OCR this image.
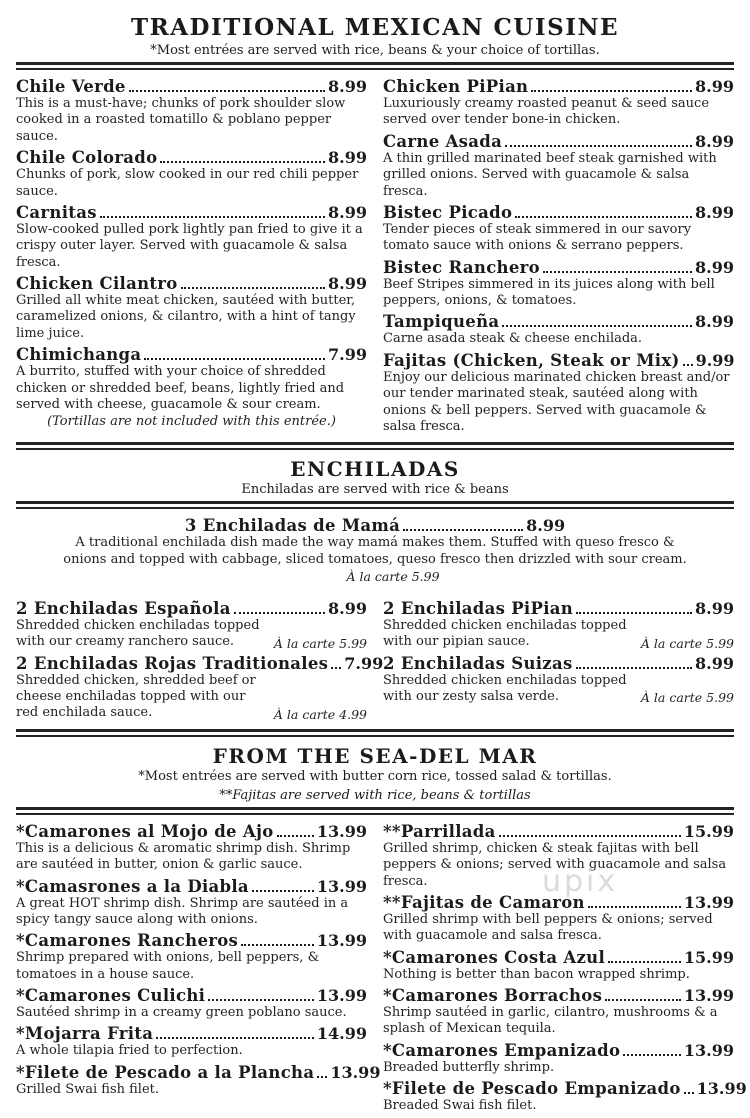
TRADITIONAL MEXICAN CUISINE
*Most entrées are served with rice, beans & your choice of tortillas.
Chile Verde	8.99
This is a must-have; chunks of pork shoulder slow cooked in a roasted tomatillo & poblano pepper sauce.
Chile Colorado	8.99
Chunks of pork, slow cooked in our red chili pepper sauce.
Carnitas	8.99
Slow-cooked pulled pork lightly pan fried to give it a crispy outer layer. Served with guacamole & salsa fresca.
Chicken Cilantro	8.99
Grilled all white meat chicken, sautéed with butter, caramelized onions, & cilantro, with a hint of tangy lime juice.
Chimichanga	7.99
A burrito, stuffed with your choice of shredded chicken or shredded beef, beans, lightly fried and served with cheese, guacamole & sour cream.
(Tortillas are not included with this entrée.)
Chicken PiPian	8.99
Luxuriously creamy roasted peanut & seed sauce served over tender bone-in chicken.
Carne Asada	8.99
A thin grilled marinated beef steak garnished with grilled onions. Served with guacamole & salsa fresca.
Bistec Picado	8.99
Tender pieces of steak simmered in our savory tomato sauce with onions & serrano peppers.
Bistec Ranchero	8.99
Beef Stripes simmered in its juices along with bell peppers, onions, & tomatoes.
Tampiqueña	8.99
Carne asada steak & cheese enchilada.
Fajitas (Chicken, Steak or Mix) 9.99
Enjoy our delicious marinated chicken breast and/or our tender marinated steak, sautéed along with onions & bell peppers. Served with guacamole & salsa fresca.
ENCHILADAS
Enchiladas are served with rice & beans
3 Enchiladas de Mamá	8.99
A traditional enchilada dish made the way mamá makes them. Stuffed with queso fresco & onions and topped with cabbage, sliced tomatoes, queso fresco then drizzled with sour cream. À la carte 5.99
2 Enchiladas Española	8.99
Shredded chicken enchiladas topped with our creamy ranchero sauce.	À la carte 5.99
2 Enchiladas Rojas Traditionales 7.99
Shredded chicken, shredded beef or cheese enchiladas topped with our red enchilada sauce.	À la carte 4.99
2 Enchiladas PiPian	8.99
Shredded chicken enchiladas topped with our pipian sauce.	À la carte 5.99
2 Enchiladas Suizas	8.99
Shredded chicken enchiladas topped with our zesty salsa verde.	À la carte 5.99
FROM THE SEA-DEL MAR
*Most entrées are served with butter corn rice, tossed salad & tortillas.
**Fajitas are served with rice, beans & tortillas
*Camarones al Mojo de Ajo	13.99
This is a delicious & aromatic shrimp dish. Shrimp are sautéed in butter, onion & garlic sauce.
*Camasrones a la Diabla	13.99
A great HOT shrimp dish. Shrimp are sautéed in a spicy tangy sauce along with onions.
*Camarones Rancheros	13.99
Shrimp prepared with onions, bell peppers, & tomatoes in a house sauce.
*Camarones Culichi	13.99
Sautéed shrimp in a creamy green poblano sauce.
*Mojarra Frita	14.99
A whole tilapia fried to perfection.
*Filete de Pescado a la Plancha 13.99
Grilled Swai fish filet.
**Parrillada	15.99
Grilled shrimp, chicken & steak fajitas with bell peppers & onions; served with guacamole and salsa fresca.
**Fajitas de Camaron	13.99
Grilled shrimp with bell peppers & onions; served with guacamole and salsa fresca.
*Camarones Costa Azul	15.99
Nothing is better than bacon wrapped shrimp.
*Camarones Borrachos	13.99
Shrimp sautéed in garlic, cilantro, mushrooms & a splash of Mexican tequila.
*Camarones Empanizado	13.99
Breaded butterfly shrimp.
*Filete de Pescado Empanizado 13.99
Breaded Swai fish filet.
upix
